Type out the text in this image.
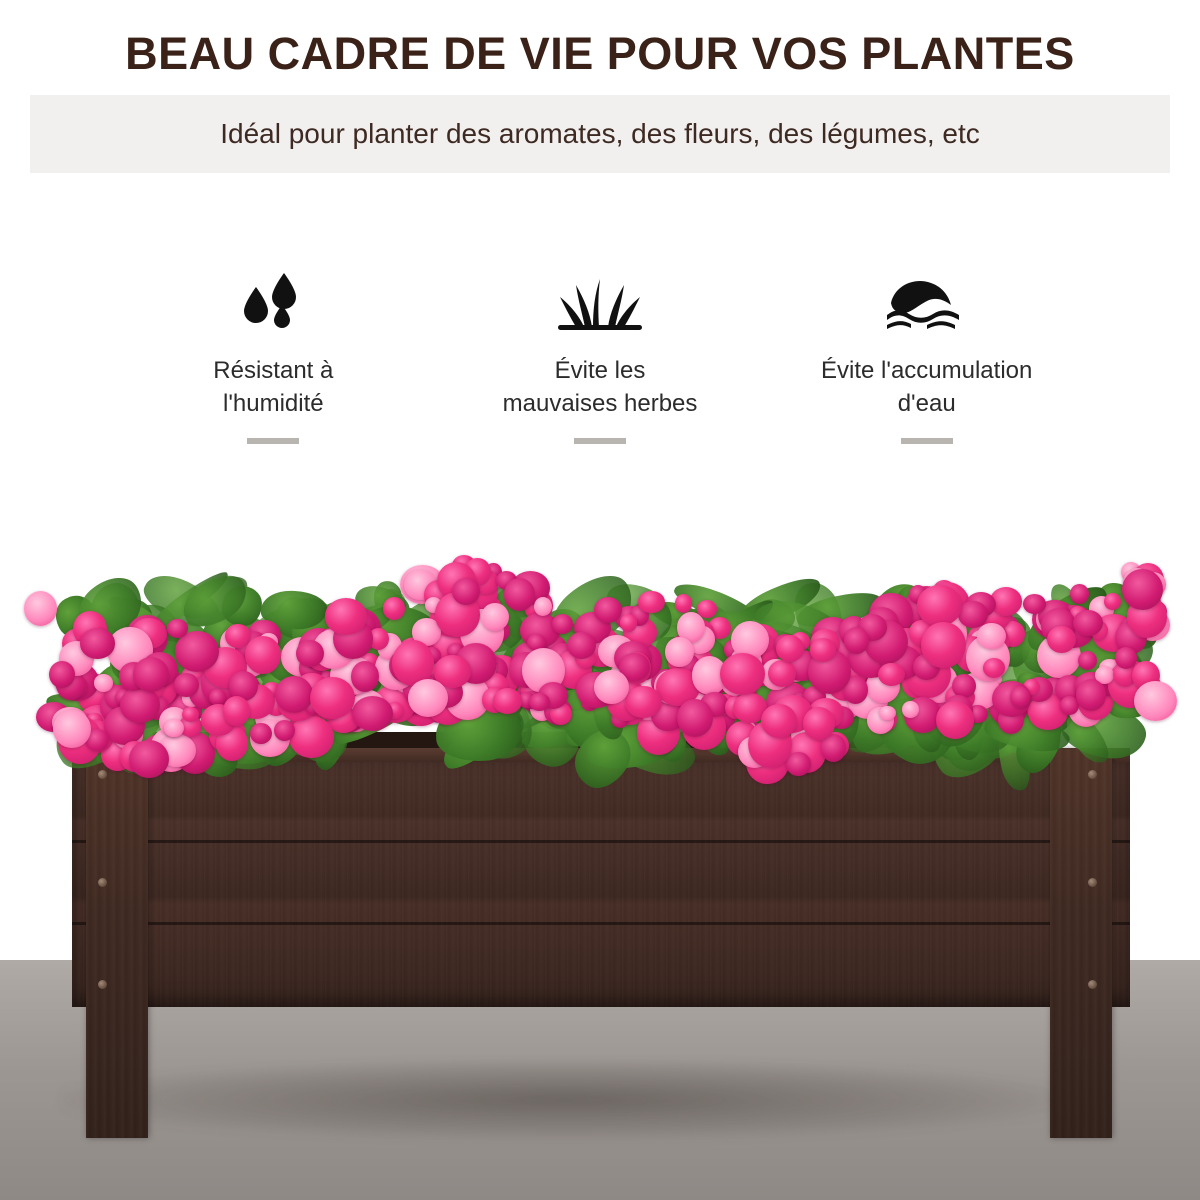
BEAU CADRE DE VIE POUR VOS PLANTES
Idéal pour planter des aromates, des fleurs, des légumes, etc
Résistant à
l'humidité
Évite les
mauvaises herbes
Évite l'accumulation
d'eau
